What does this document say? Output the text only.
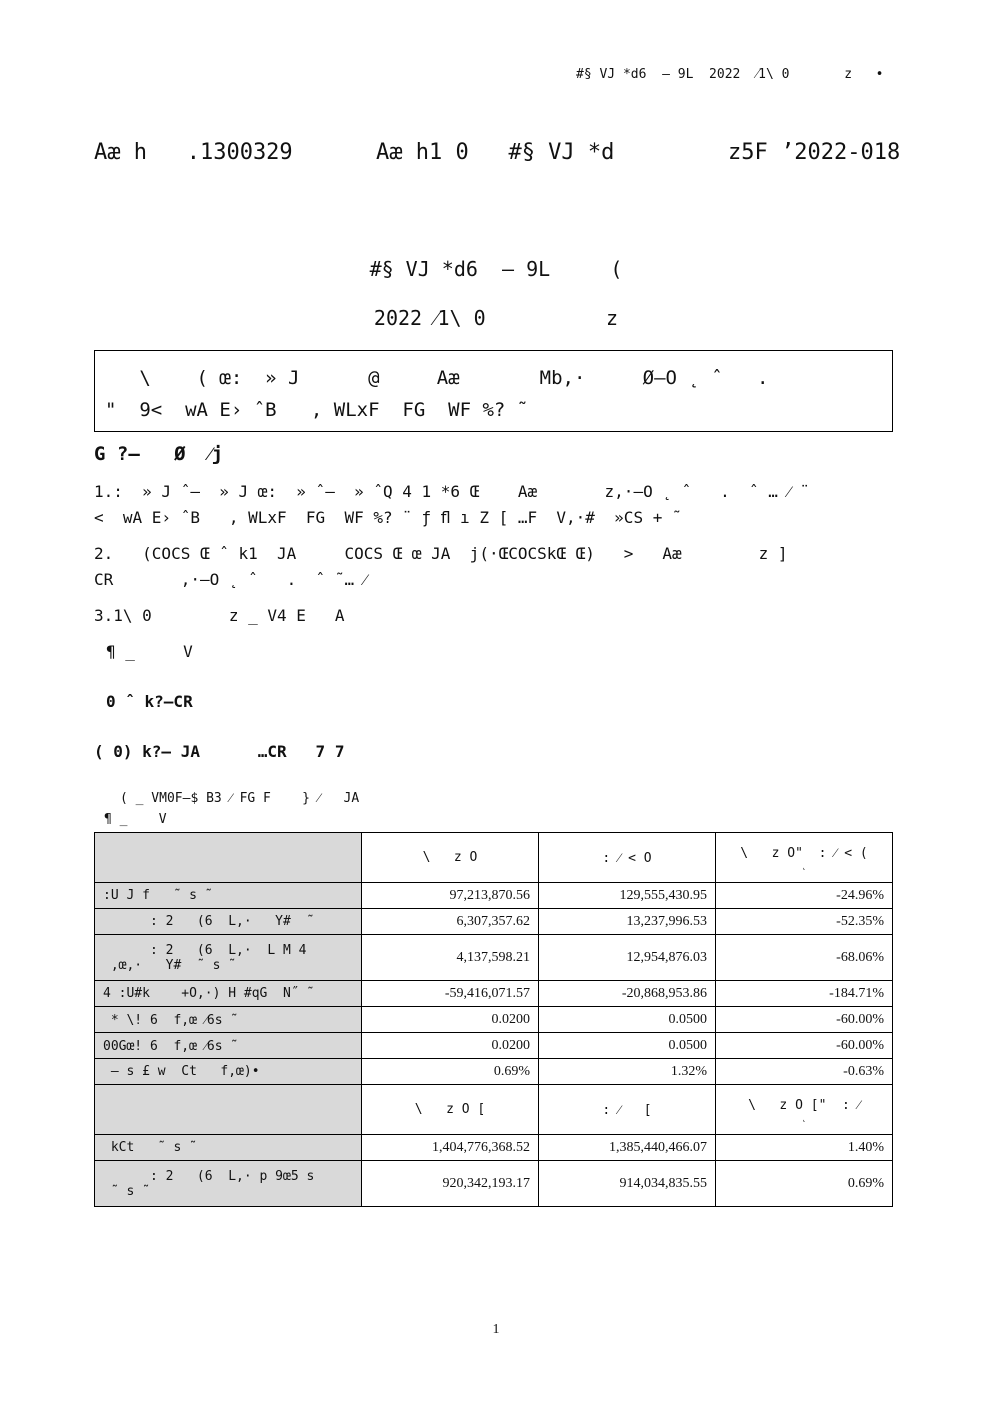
#§ VJ *d6  – 9L  2022  ⁄1\ 0       z   •
Aæ h   .1300329	Aæ h1 0   #§ VJ *d	z5F ’2022-018
#§ VJ *d6  – 9L     (
2022 ⁄1\ 0          z
\    ( œ:  » J      @     Aæ       Mb,·     Ø–O ˛ ˆ   .
"  9<  wA E› ˆB   , WLxF  FG  WF %? ˜
G ?–   Ø  ⁄j
1.:  » J ˆ–  » J œ:  » ˆ–  » ˆQ 4 1 *6 Œ    Aæ       z,·–O ˛ ˆ   .  ˆ … ⁄ ¨
<  wA E› ˆB   , WLxF  FG  WF %? ¨ ƒ ﬂ ı Z [ …F  V,·#  »CS + ˜
2.   (COCS Œ ˆ k1  JA     COCS Œ œ JA  j(·ŒCOCSkŒ Œ)   >   Aæ        z ]
CR       ,·–O ˛ ˆ   .  ˆ ˜… ⁄
3.1\ 0        z _ V4 E   A
¶ _     V
0 ˆ k?–CR
( 0) k?– JA      …CR   7 7
( _ VM0F–$ B3 ⁄ FG F    } ⁄   JA
¶ _    V
	\   z O	: ⁄ < O	\   z O"  : ⁄ < (
˛

:U J f   ˜ s ˜	97,213,870.56	129,555,430.95	-24.96%
: 2   (6  L,·   Y#  ˜	6,307,357.62	13,237,996.53	-52.35%
: 2   (6  L,·  L M 4
,œ,·   Y#  ˜ s ˜	4,137,598.21	12,954,876.03	-68.06%
4 :U#k    +O,·) H #qG  N˝ ˜	-59,416,071.57	-20,868,953.86	-184.71%
* \! 6  f,œ ⁄6s ˜	0.0200	0.0500	-60.00%
00Gœ! 6  f,œ ⁄6s ˜	0.0200	0.0500	-60.00%
– s £ w  Ct   f,œ)•	0.69%	1.32%	-0.63%
	\   z O [	: ⁄   [	\   z O ["  : ⁄
˛

kCt   ˜ s ˜	1,404,776,368.52	1,385,440,466.07	1.40%
: 2   (6  L,· p 9œ5 s
˜ s ˜	920,342,193.17	914,034,835.55	0.69%
1
